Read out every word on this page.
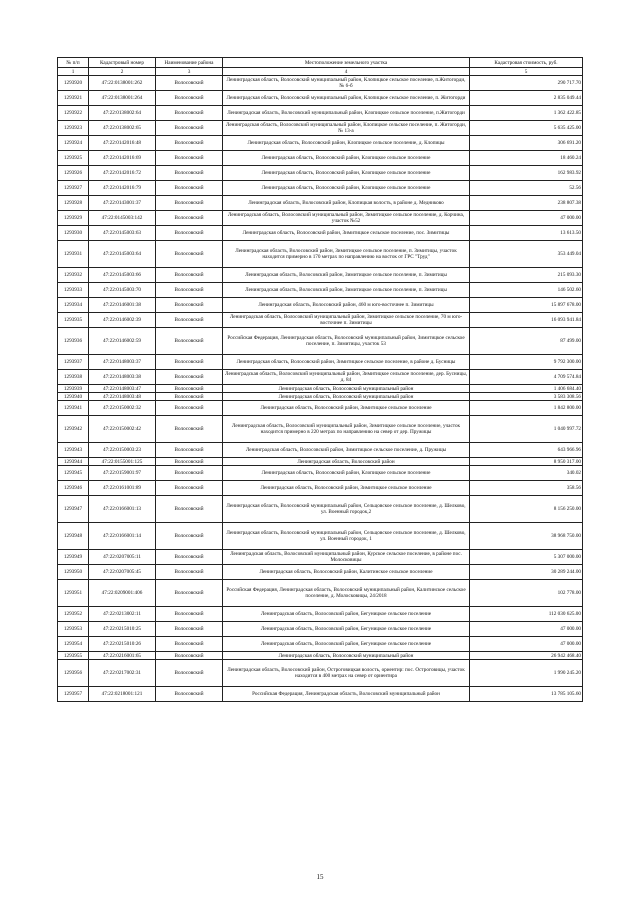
№ п/п	Кадастровый номер	Наименование района	Местоположение земельного участка	Кадастровая стоимость, руб.
1	2	3	4	5
1293920	47:22:0138001:262	Волосовский	Ленинградская область, Волосовский муниципальный район, Клопицкое сельское поселение, п.Житогорди, № 6-б	290 717.70
1293921	47:22:0138001:264	Волосовский	Ленинградская область, Волосовский муниципальный район, Клопицкое сельское поселение, п. Житогорди	2 835 049.44
1293922	47:22:0138002:64	Волосовский	Ленинградская область, Волосовский муниципальный район, Клопицкое сельское поселение, п.Житогорди	1 362 422.85
1293923	47:22:0138002:65	Волосовский	Ленинградская область, Волосовский муниципальный район, Клопицкое сельское поселение, п. Житогорди, № 13-а	5 635 425.00
1293924	47:22:0142016:48	Волосовский	Ленинградская область, Волосовский район, Клопицкое сельское поселение, д. Клопицы	306 691.20
1293925	47:22:0142016:69	Волосовский	Ленинградская область, Волосовский район, Клопицкое сельское поселение	18 460.24
1293926	47:22:0142016:72	Волосовский	Ленинградская область, Волосовский район, Клопицкое сельское поселение	162 983.92
1293927	47:22:0142016:79	Волосовский	Ленинградская область, Волосовский район, Клопицкое сельское поселение	52.56
1293928	47:22:0143001:37	Волосовский	Ленинградская область, Волосовский район, Клопицкая волость, в районе д. Медниково	238 807.38
1293929	47:22:0145003:142	Волосовский	Ленинградская область, Волосовский муниципальный район, Зимитицкое сельское поселение, д. Корчина, участок №52	47 000.00
1293930	47:22:0145003:63	Волосовский	Ленинградская область, Волосовский район, Зимитицкое сельское поселение, пос. Зимитицы	13 613.50
1293931	47:22:0145003:64	Волосовский	Ленинградская область, Волосовский район, Зимитицкое сельское поселение, п. Зимитицы, участок находится примерно в 170 метрах по направлению на восток от ГРС "Труд"	353 449.04
1293932	47:22:0145003:66	Волосовский	Ленинградская область, Волосовский район, Зимитицкое сельское поселение, п. Зимитицы	215 093.30
1293933	47:22:0145003:70	Волосовский	Ленинградская область, Волосовский район, Зимитицкое сельское поселение, п. Зимитицы	146 502.60
1293934	47:22:0146001:38	Волосовский	Ленинградская область, Волосовский район, 460 м юго-восточнее п. Зимитицы	15 897 678.00
1293935	47:22:0146002:39	Волосовский	Ленинградская область, Волосовский муниципальный район, Зимитицкое сельское поселение, 70 м юго-восточнее п. Зимитицы	16 093 941.84
1293936	47:22:0146002:59	Волосовский	Российская Федерация, Ленинградская область, Волосовский муниципальный район, Зимитицкое сельское поселение, п. Зимитицы, участок 53	87 499.00
1293937	47:22:0148003:37	Волосовский	Ленинградская область, Волосовский район, Зимитицкое сельское поселение, в районе д. Бусницы	9 792 300.00
1293938	47:22:0148003:38	Волосовский	Ленинградская область, Волосовский муниципальный район, Зимитицкое сельское поселение, дер. Бусницы, д. 84	4 709 574.84
1293939	47:22:0148003:47	Волосовский	Ленинградская область, Волосовский муниципальный район	1 406 684.40
1293940	47:22:0148003:48	Волосовский	Ленинградская область, Волосовский муниципальный район	3 583 308.56
1293941	47:22:0150002:32	Волосовский	Ленинградская область, Волосовский район, Зимитицкое сельское поселение	1 842 800.00
1293942	47:22:0150002:42	Волосовский	Ленинградская область, Волосовский муниципальный район, Зимитицкое сельское поселение, участок находится примерно в 220 метрах по направлению на север от дер. Пружицы	1 040 997.72
1293943	47:22:0150003:23	Волосовский	Ленинградская область, Волосовский район, Зимитицкое сельское поселение, д. Пружицы	643 966.96
1293944	47:22:0155001:125	Волосовский	Ленинградская область, Волосовский район	8 950 317.00
1293945	47:22:0159001:97	Волосовский	Ленинградская область, Волосовский район, Клопицкое сельское поселение	340.02
1293946	47:22:0161001:89	Волосовский	Ленинградская область, Волосовский район, Зимитицкое сельское поселение	358.56
1293947	47:22:0166001:13	Волосовский	Ленинградская область, Волосовский муниципальный район, Сельцовское сельское поселение, д. Шелково, ул. Военный городок,2	8 156 250.00
1293948	47:22:0166001:14	Волосовский	Ленинградская область, Волосовский муниципальный район, Сельцовское сельское поселение, д. Шелково, ул. Военный городок, 1	38 968 750.00
1293949	47:22:0207005:11	Волосовский	Ленинградская область, Волосовский муниципальный район, Курское сельское поселение, в районе пос. Молосковицы	5 307 000.00
1293950	47:22:0207005:45	Волосовский	Ленинградская область, Волосовский район, Калитинское сельское поселение	30 289 244.00
1293951	47:22:0209001:406	Волосовский	Российская Федерация, Ленинградская область, Волосовский муниципальный район, Калитинское сельское поселение, д. Молосковицы, 24/2018	102 778.00
1293952	47:22:0213002:11	Волосовский	Ленинградская область, Волосовский район, Бегуницкое сельское поселение	112 030 625.00
1293953	47:22:0215010:25	Волосовский	Ленинградская область, Волосовский район, Бегуницкое сельское поселение	47 000.00
1293954	47:22:0215010:26	Волосовский	Ленинградская область, Волосовский район, Бегуницкое сельское поселение	47 000.00
1293955	47:22:0216001:65	Волосовский	Ленинградская область, Волосовский муниципальный район	26 942 468.40
1293956	47:22:0217002:31	Волосовский	Ленинградская область, Волосовский район, Остроговицкая волость, ориентир: пос. Остроговицы, участок находится в 400 метрах на север от ориентира	1 990 245.20
1293957	47:22:0218001:121	Волосовский	Российская Федерация, Ленинградская область, Волосовский муниципальный район	13 785 105.60
15
